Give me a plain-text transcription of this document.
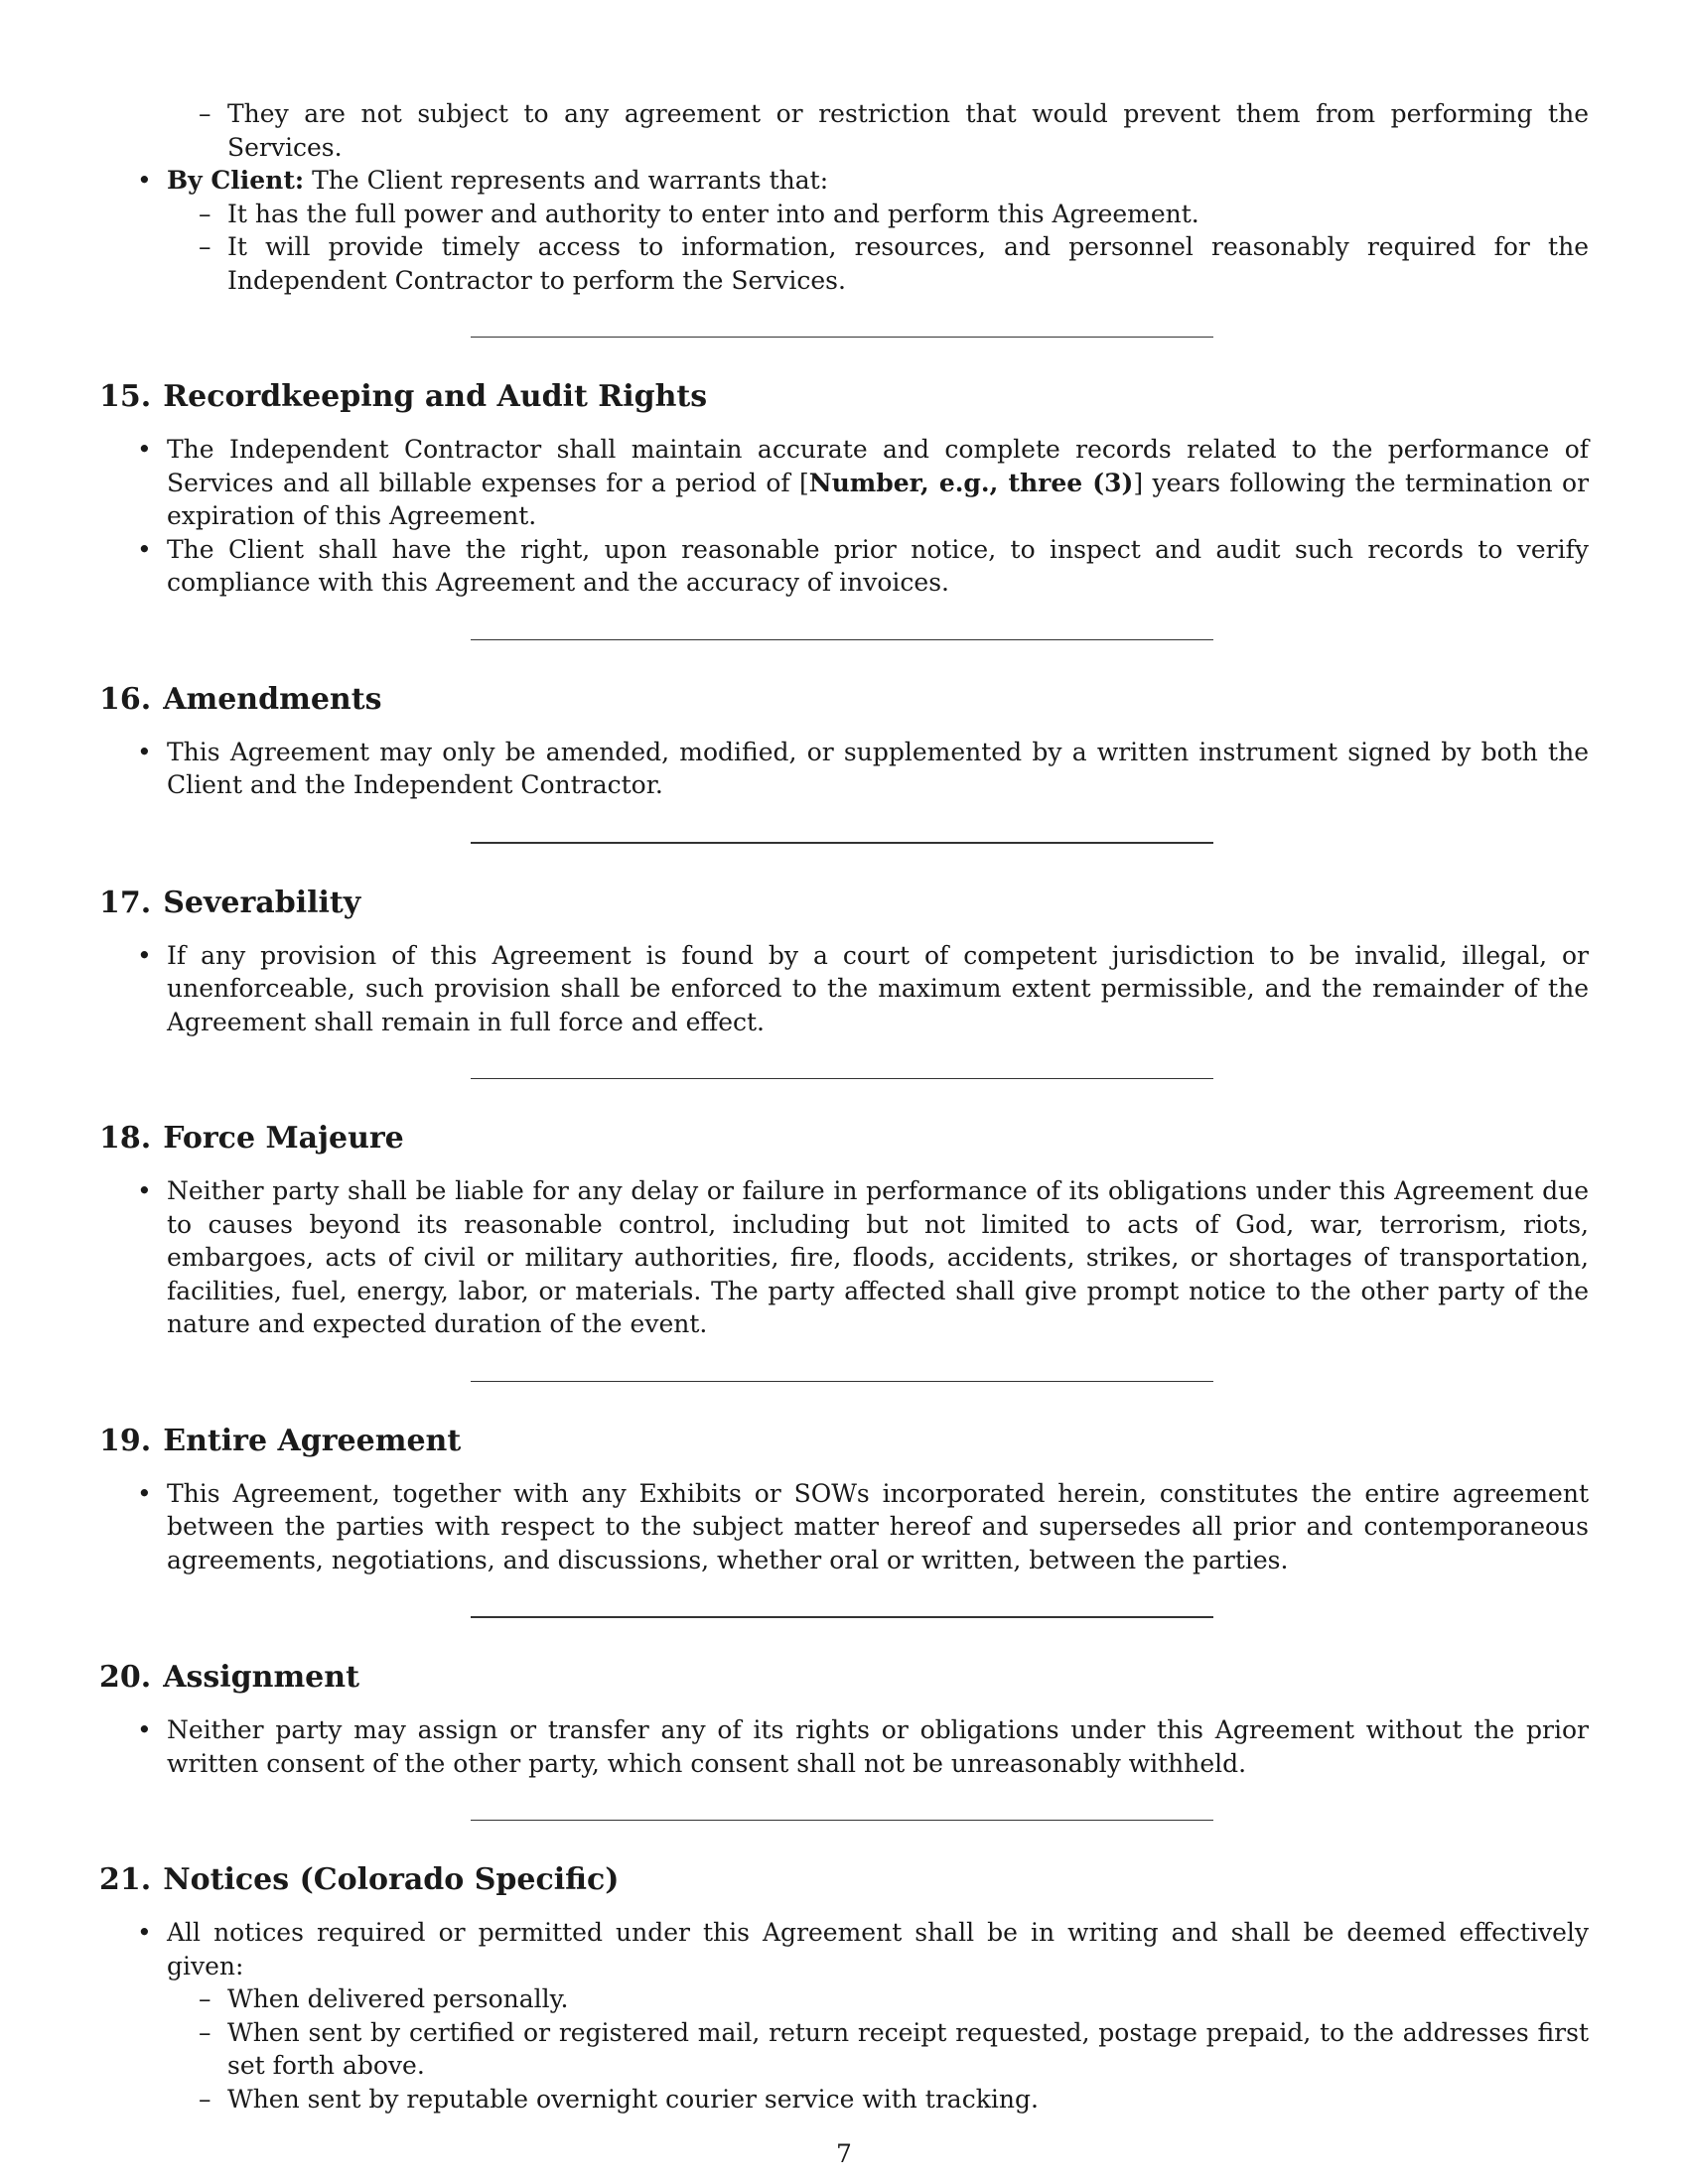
– They are not subject to any agreement or restriction that would prevent them from performing the Services.
• By Client: The Client represents and warrants that:
– It has the full power and authority to enter into and perform this Agreement.
– It will provide timely access to information, resources, and personnel reasonably required for the Independent Contractor to perform the Services.
15. Recordkeeping and Audit Rights
• The Independent Contractor shall maintain accurate and complete records related to the performance of Services and all billable expenses for a period of [Number, e.g., three (3)] years following the termination or expiration of this Agreement.
• The Client shall have the right, upon reasonable prior notice, to inspect and audit such records to verify compliance with this Agreement and the accuracy of invoices.
16. Amendments
• This Agreement may only be amended, modified, or supplemented by a written instrument signed by both the Client and the Independent Contractor.
17. Severability
• If any provision of this Agreement is found by a court of competent jurisdiction to be invalid, illegal, or unenforceable, such provision shall be enforced to the maximum extent permissible, and the remainder of the Agreement shall remain in full force and effect.
18. Force Majeure
• Neither party shall be liable for any delay or failure in performance of its obligations under this Agreement due to causes beyond its reasonable control, including but not limited to acts of God, war, terrorism, riots, embargoes, acts of civil or military authorities, fire, floods, accidents, strikes, or shortages of transportation, facilities, fuel, energy, labor, or materials. The party affected shall give prompt notice to the other party of the nature and expected duration of the event.
19. Entire Agreement
• This Agreement, together with any Exhibits or SOWs incorporated herein, constitutes the entire agreement between the parties with respect to the subject matter hereof and supersedes all prior and contemporaneous agreements, negotiations, and discussions, whether oral or written, between the parties.
20. Assignment
• Neither party may assign or transfer any of its rights or obligations under this Agreement without the prior written consent of the other party, which consent shall not be unreasonably withheld.
21. Notices (Colorado Specific)
• All notices required or permitted under this Agreement shall be in writing and shall be deemed effectively given:
– When delivered personally.
– When sent by certified or registered mail, return receipt requested, postage prepaid, to the addresses first set forth above.
– When sent by reputable overnight courier service with tracking.
7
